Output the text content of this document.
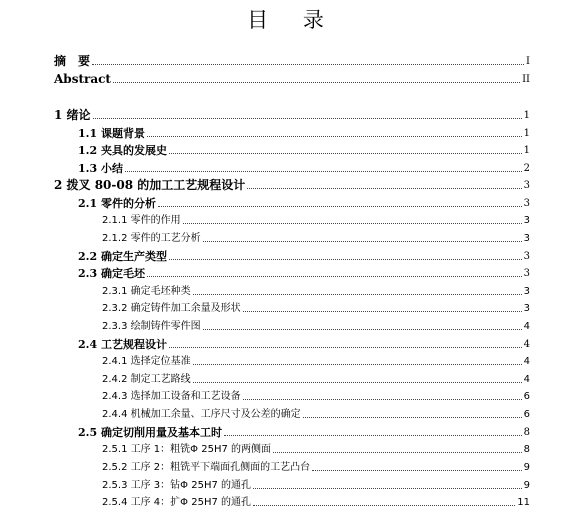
目 录
摘　要	I
Abstract	II
1 绪论	1
1.1 课题背景	1
1.2 夹具的发展史	1
1.3 小结	2
2 拨叉 80-08 的加工工艺规程设计	3
2.1 零件的分析	3
2.1.1 零件的作用	3
2.1.2 零件的工艺分析	3
2.2 确定生产类型	3
2.3 确定毛坯	3
2.3.1 确定毛坯种类	3
2.3.2 确定铸件加工余量及形状	3
2.3.3 绘制铸件零件图	4
2.4 工艺规程设计	4
2.4.1 选择定位基准	4
2.4.2 制定工艺路线	4
2.4.3 选择加工设备和工艺设备	6
2.4.4 机械加工余量、工序尺寸及公差的确定	6
2.5 确定切削用量及基本工时	8
2.5.1 工序 1：粗铣Φ 25H7 的两侧面	8
2.5.2 工序 2：粗铣平下端面孔侧面的工艺凸台	9
2.5.3 工序 3：钻Φ 25H7 的通孔	9
2.5.4 工序 4：扩Φ 25H7 的通孔	11
